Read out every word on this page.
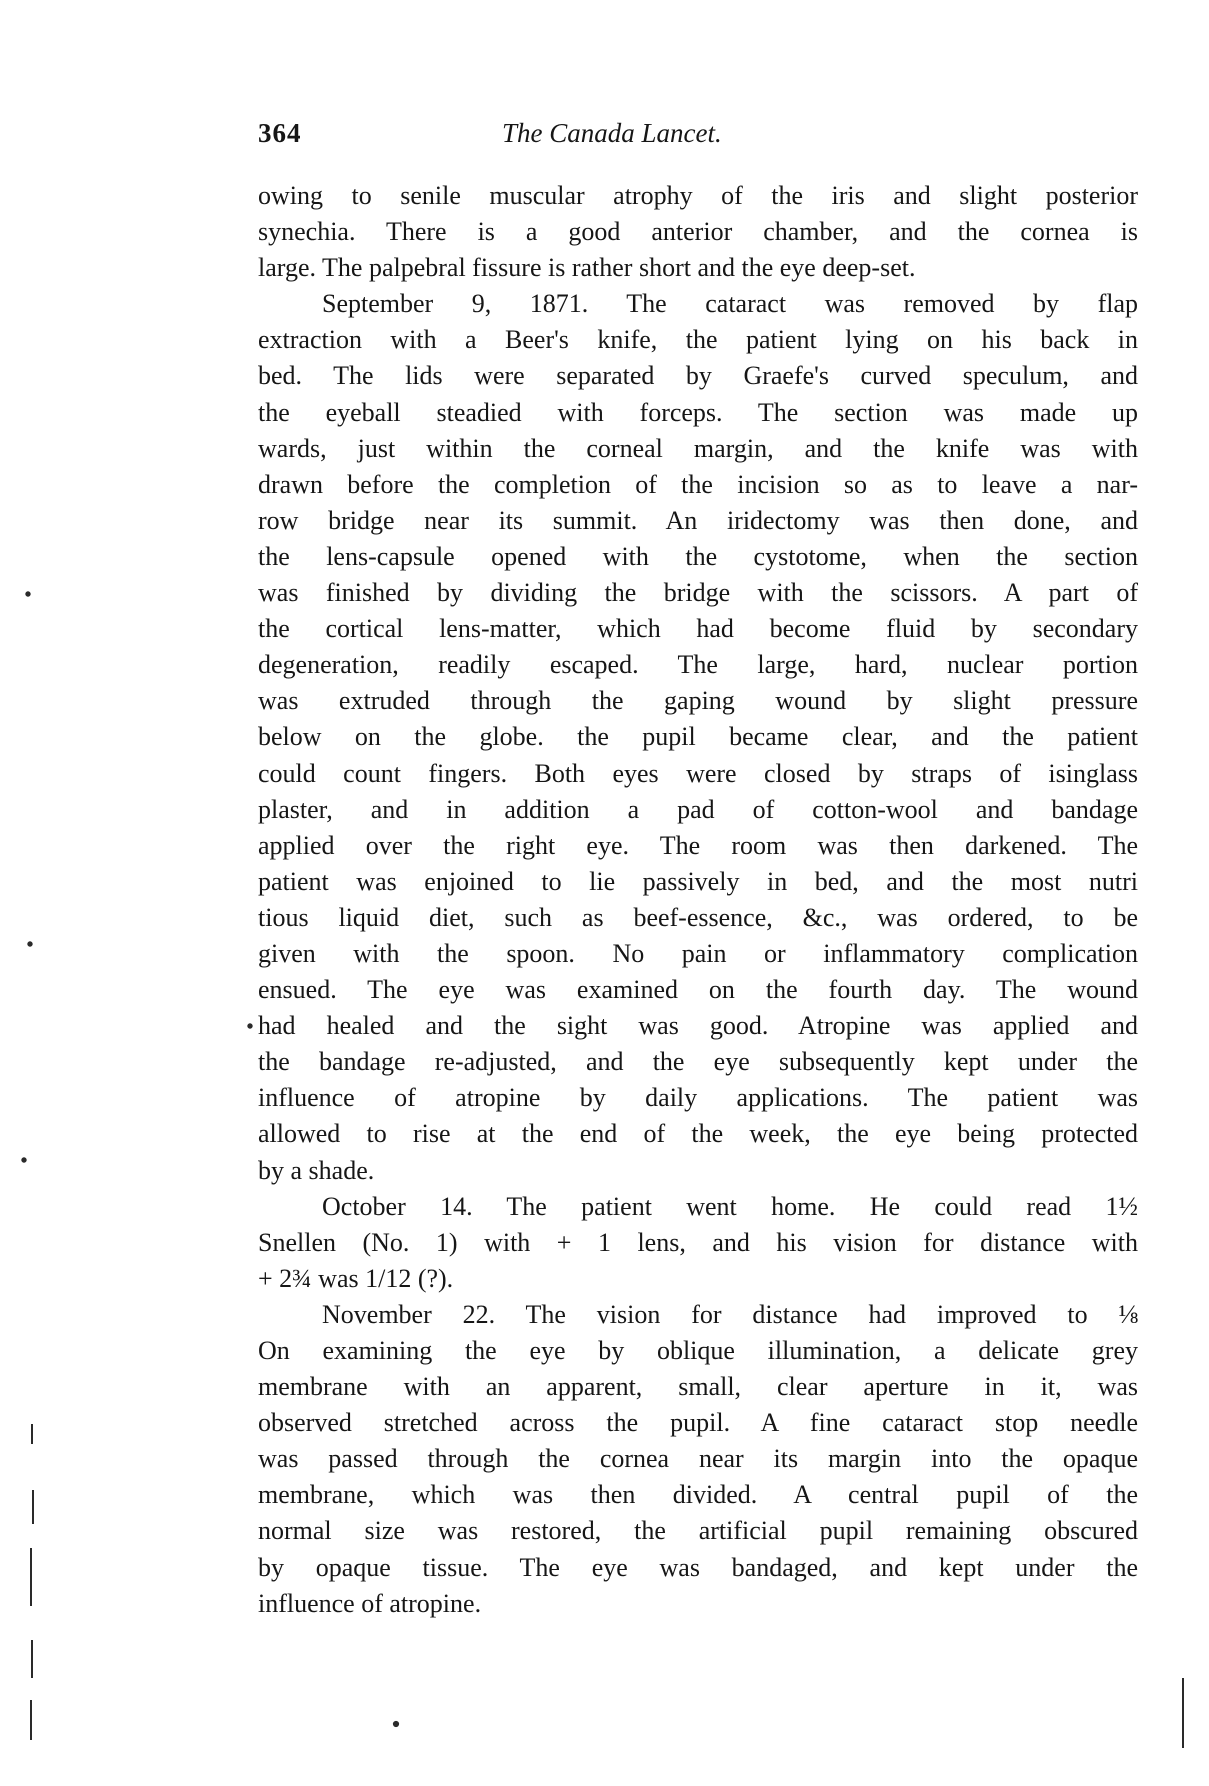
364	The Canada Lancet.
owing to senile muscular atrophy of the iris and slight posterior
synechia. There is a good anterior chamber, and the cornea is
large. The palpebral fissure is rather short and the eye deep-set.
September 9, 1871. The cataract was removed by flap
extraction with a Beer's knife, the patient lying on his back in
bed. The lids were separated by Graefe's curved speculum, and
the eyeball steadied with forceps. The section was made up
wards, just within the corneal margin, and the knife was with
drawn before the completion of the incision so as to leave a nar-
row bridge near its summit. An iridectomy was then done, and
the lens-capsule opened with the cystotome, when the section
was finished by dividing the bridge with the scissors. A part of
the cortical lens-matter, which had become fluid by secondary
degeneration, readily escaped. The large, hard, nuclear portion
was extruded through the gaping wound by slight pressure
below on the globe. the pupil became clear, and the patient
could count fingers. Both eyes were closed by straps of isinglass
plaster, and in addition a pad of cotton-wool and bandage
applied over the right eye. The room was then darkened. The
patient was enjoined to lie passively in bed, and the most nutri
tious liquid diet, such as beef-essence, &c., was ordered, to be
given with the spoon. No pain or inflammatory complication
ensued. The eye was examined on the fourth day. The wound
had healed and the sight was good. Atropine was applied and
the bandage re-adjusted, and the eye subsequently kept under the
influence of atropine by daily applications. The patient was
allowed to rise at the end of the week, the eye being protected
by a shade.
October 14. The patient went home. He could read 1½
Snellen (No. 1) with + 1 lens, and his vision for distance with
+ 2¾ was 1/12 (?).
November 22. The vision for distance had improved to ⅛
On examining the eye by oblique illumination, a delicate grey
membrane with an apparent, small, clear aperture in it, was
observed stretched across the pupil. A fine cataract stop needle
was passed through the cornea near its margin into the opaque
membrane, which was then divided. A central pupil of the
normal size was restored, the artificial pupil remaining obscured
by opaque tissue. The eye was bandaged, and kept under the
influence of atropine.
